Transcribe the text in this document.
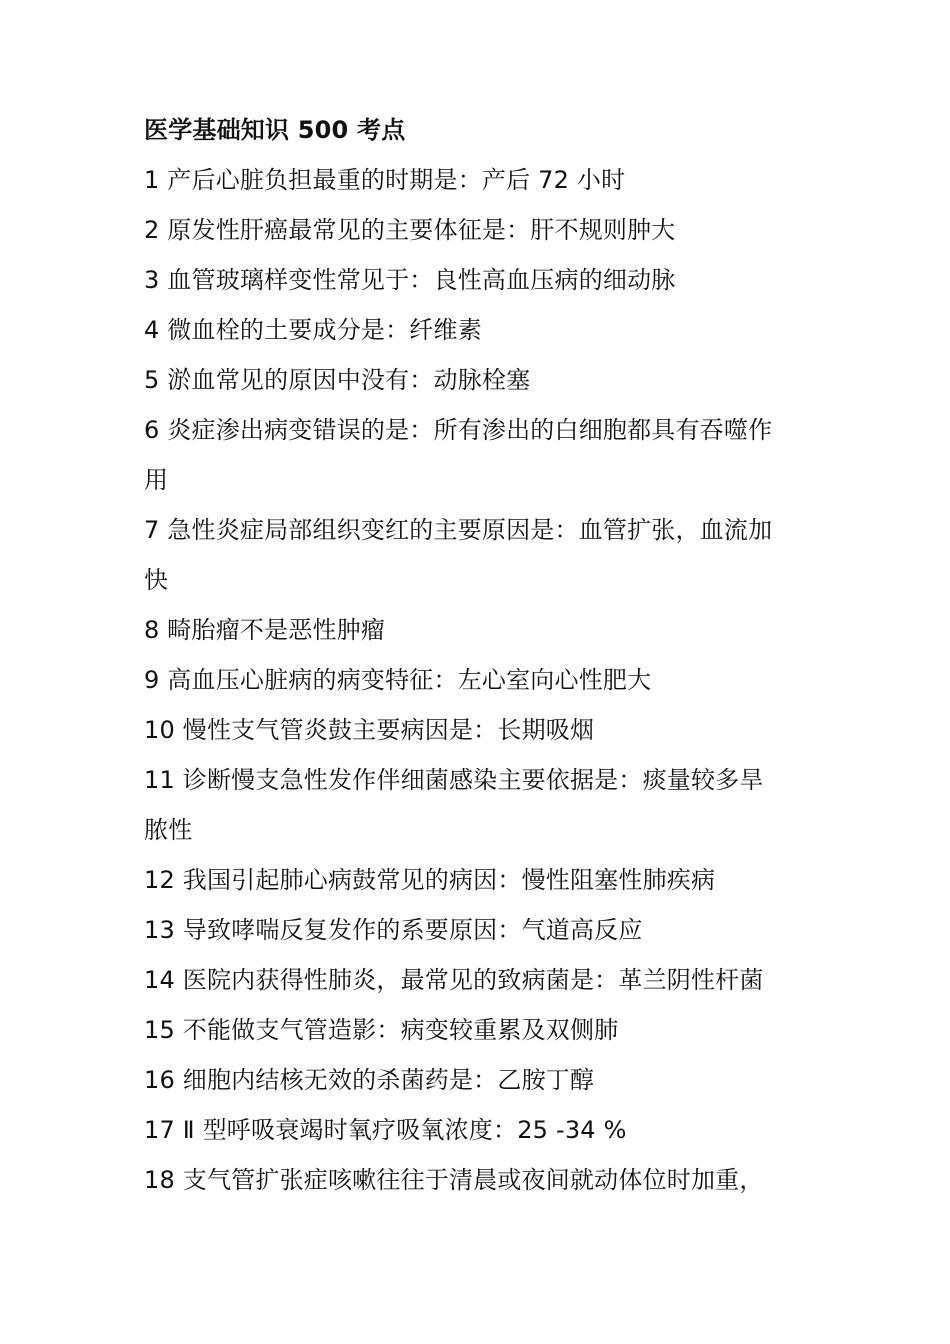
医学基础知识 500 考点
1 产后心脏负担最重的时期是：产后 72 小时
2 原发性肝癌最常见的主要体征是：肝不规则肿大
3 血管玻璃样变性常见于：良性高血压病的细动脉
4 微血栓的土要成分是：纤维素
5 淤血常见的原因中没有：动脉栓塞
6 炎症渗出病变错误的是：所有渗出的白细胞都具有吞噬作
用
7 急性炎症局部组织变红的主要原因是：血管扩张，血流加
快
8 畸胎瘤不是恶性肿瘤
9 高血压心脏病的病变特征：左心室向心性肥大
10 慢性支气管炎鼓主要病因是：长期吸烟
11 诊断慢支急性发作伴细菌感染主要依据是：痰量较多旱
脓性
12 我国引起肺心病鼓常见的病因：慢性阻塞性肺疾病
13 导致哮喘反复发作的系要原因：气道高反应
14 医院内获得性肺炎，最常见的致病菌是：革兰阴性杆菌
15 不能做支气管造影：病变较重累及双侧肺
16 细胞内结核无效的杀菌药是：乙胺丁醇
17 Ⅱ 型呼吸衰竭时氧疗吸氧浓度：25 -34 %
18 支气管扩张症咳嗽往往于清晨或夜间就动体位时加重，
